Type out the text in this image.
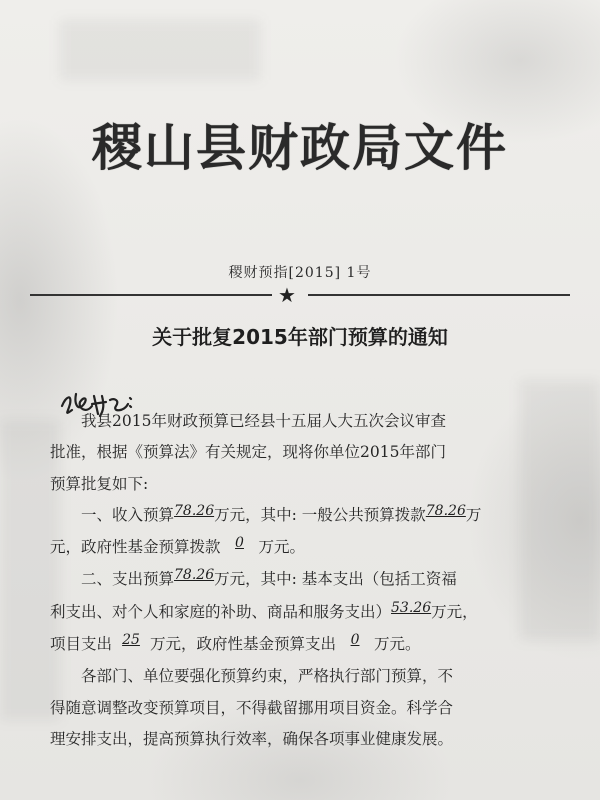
稷山县财政局文件
稷财预指[2015] 1号
★
关于批复2015年部门预算的通知

我县2015年财政预算已经县十五届人大五次会议审查

批准，根据《预算法》有关规定，现将你单位2015年部门

预算批复如下:

一、收入预算78.26万元，其中: 一般公共预算拨款78.26万

元，政府性基金预算拨款 0 万元。

二、支出预算78.26万元，其中: 基本支出（包括工资福

利支出、对个人和家庭的补助、商品和服务支出）53.26万元，

项目支出 25 万元，政府性基金预算支出 0 万元。

各部门、单位要强化预算约束，严格执行部门预算，不

得随意调整改变预算项目，不得截留挪用项目资金。科学合

理安排支出，提高预算执行效率，确保各项事业健康发展。
